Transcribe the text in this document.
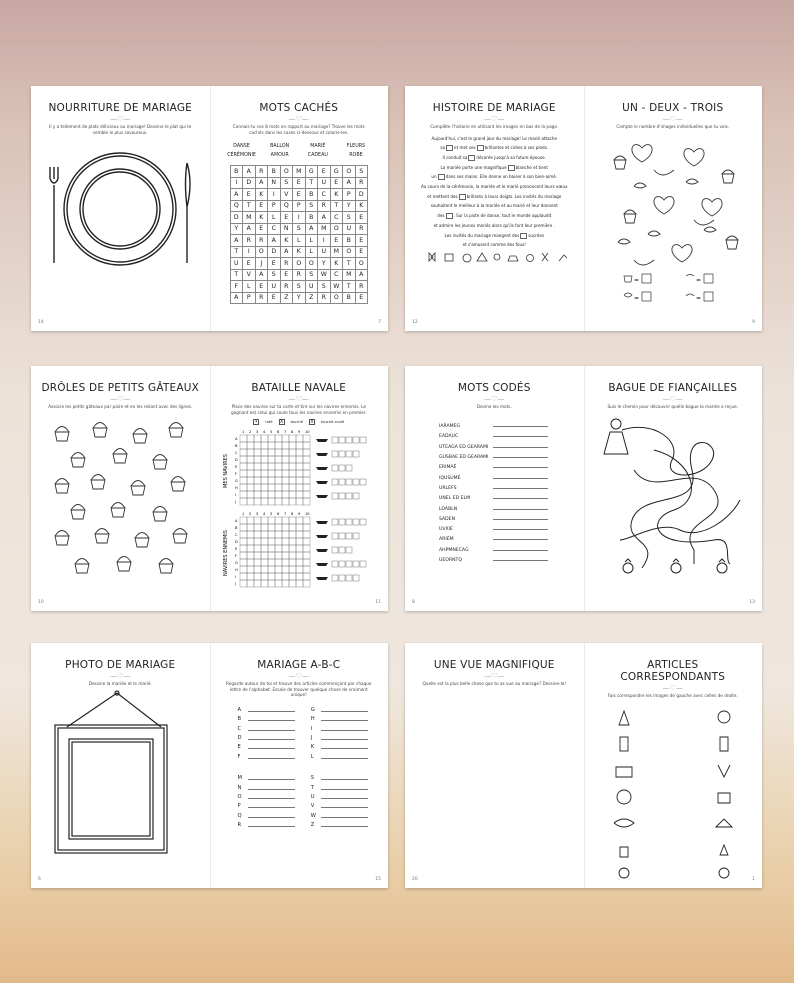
NOURRITURE DE MARIAGE
—♡—
Il y a tellement de plats délicieux au mariage! Dessine le plat qui te semble le plus savoureux.
14
MOTS CACHÉS
—♡—
Connais-tu ces 8 mots en rapport au mariage? Trouve les mots cachés dans les cases ci-dessous et colorie-les.
DANSE	BALLON	MARIÉ	FLEURS
CÉRÉMONIE	AMOUR	CADEAU	ROBE
B	A	R	B	O	M	G	E	G	O	S
I	D	A	N	S	E	T	U	E	A	R
A	E	K	I	V	E	B	C	K	P	D
Q	T	E	P	Q	P	S	R	T	Y	K
D	M	K	L	E	I	B	A	C	S	E
Y	A	E	C	N	S	A	M	O	U	R
A	R	R	A	K	L	L	I	E	B	E
T	I	O	D	A	K	L	U	M	O	E
U	E	J	E	R	O	O	Y	K	T	O
T	V	A	S	E	R	S	W	C	M	A
F	L	E	U	R	S	U	S	W	T	R
A	P	R	E	Z	Y	Z	R	O	B	E
7
HISTOIRE DE MARIAGE
—♡—
Complète l'histoire en utilisant les images en bas de la page.
Aujourd'hui, c'est le grand jour du mariage! Le marié attache
sa et met ses brillantes et cirées à ses pieds.
Il conduit sa décorée jusqu'à sa future épouse.
La mariée porte une magnifique blanche et tient
un dans ses mains. Elle donne un baiser à son bien-aimé.
Au cours de la cérémonie, la mariée et le marié prononcent leurs vœux
et mettent des brillants à leurs doigts. Les invités du mariage
souhaitent le meilleur à la mariée et au marié et leur donnent
des . Sur la piste de danse, tout le monde applaudit
et admire les jeunes mariés alors qu'ils font leur première .
Les invités du mariage mangent des sucrées
et s'amusent comme des fous!
12
UN - DEUX - TROIS
—♡—
Compte le nombre d'images individuelles que tu vois.
=	=
=	=
9
DRÔLES DE PETITS GÂTEAUX
—♡—
Associe les petits gâteaux par paire et en les reliant avec des lignes.
10
BATAILLE NAVALE
—♡—
Place des navires sur ta carte et tire sur les navires ennemis. Le gagnant est celui qui coule tous les navires ennemis en premier.
•	raté X	touché X	touché-coulé
1 2 3 4 5 6 7 8 9 10
A
B
C
D
E
F
G
H
I
J
1 2 3 4 5 6 7 8 9 10
A
B
C
D
E
F
G
H
I
J
MES NAVIRES
NAVIRES ENNEMIS
11
MOTS CODÉS
—♡—
Devine les mots.
IARAMEG
EADAUC
UTEAGA ED GEARAMI
GUSBAE ED GEARAMI
ERIMAÉ
IQUSUMÉ
URLEFS
UNEL ED ELM
LOABLN
SADEN
UVXIE
ARIÉM
AHPMNECAG
UEORNTQ
8
BAGUE DE FIANÇAILLES
—♡—
Suis le chemin pour découvrir quelle bague la mariée a reçue.
13
PHOTO DE MARIAGE
—♡—
Dessine la mariée et le marié.
6
MARIAGE A-B-C
—♡—
Regarde autour de toi et trouve des articles commençant par chaque lettre de l'alphabet. Essaie de trouver quelque chose de vraiment unique!
A	G
B	H
C	I
D	J
E	K
F	L
M	S
N	T
O	U
P	V
Q	W
R	Z
15
UNE VUE MAGNIFIQUE
—♡—
Quelle est la plus belle chose que tu as vue au mariage? Dessine-la!
20
ARTICLES CORRESPONDANTS
—♡—
Fais correspondre les images de gauche avec celles de droite.
1
